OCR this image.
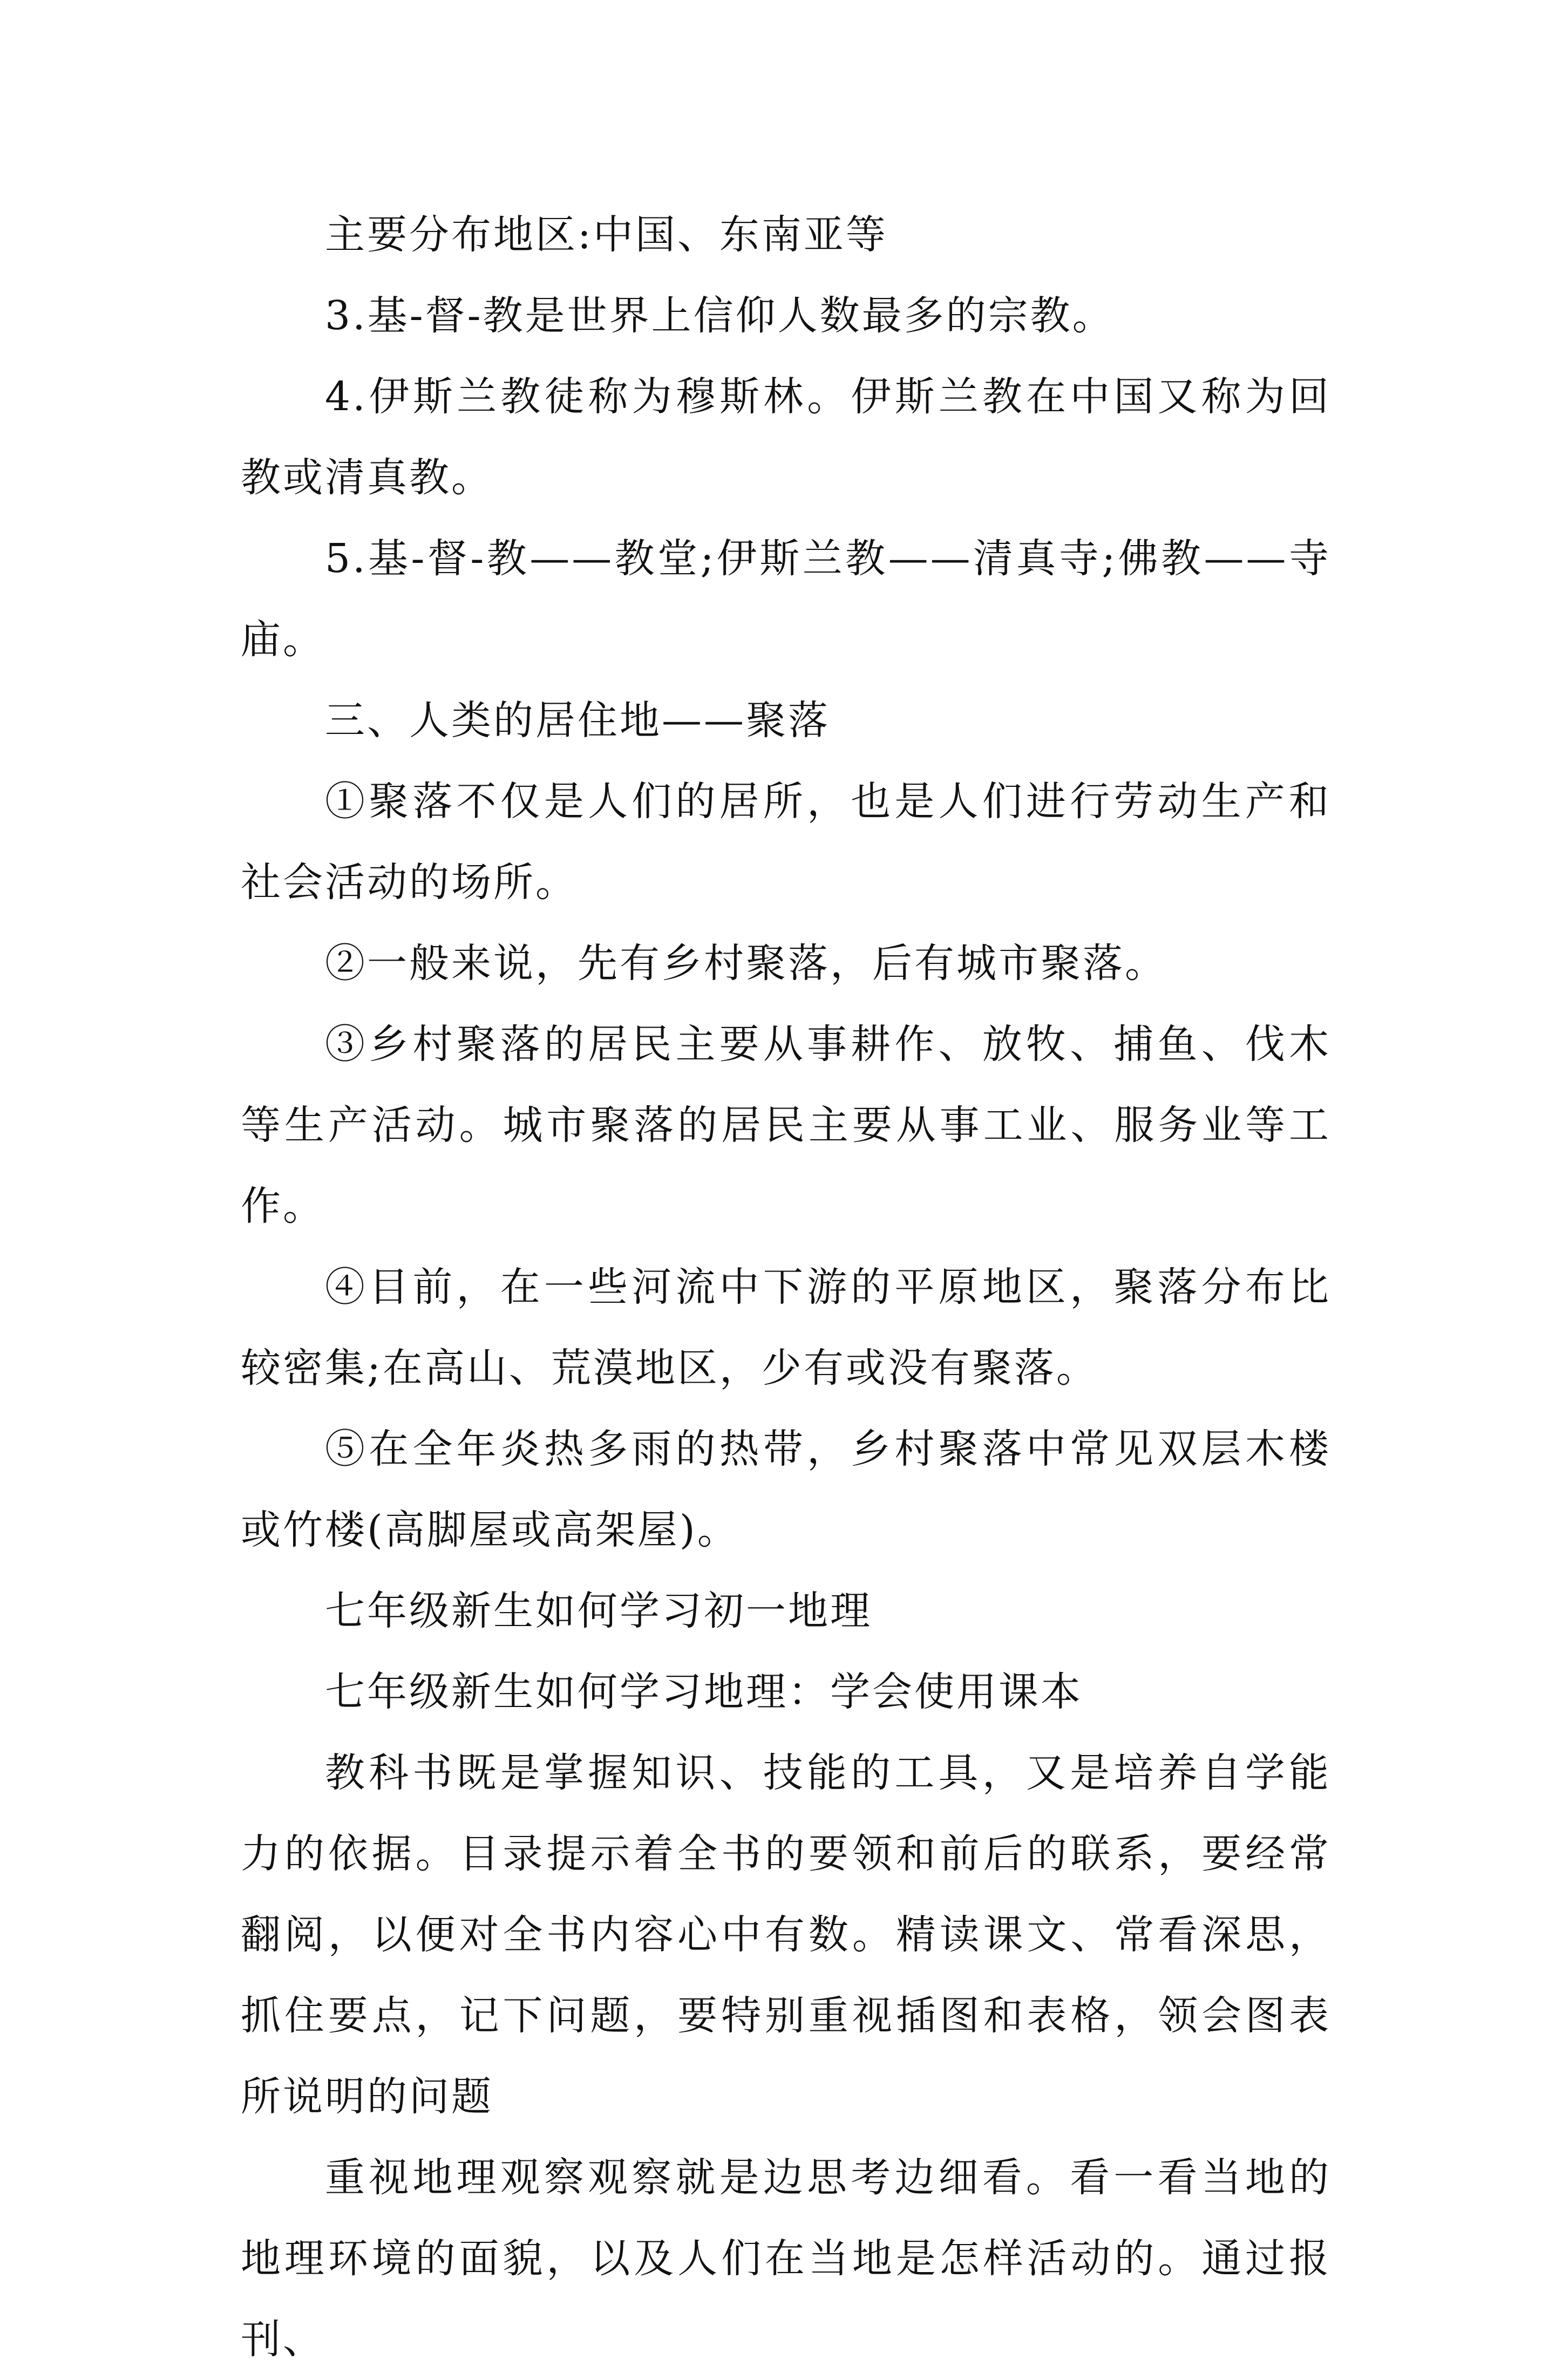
主要分布地区:中国、东南亚等

3.基-督-教是世界上信仰人数最多的宗教。

4.伊斯兰教徒称为穆斯林。伊斯兰教在中国又称为回教或清真教。

5.基-督-教——教堂;伊斯兰教——清真寺;佛教——寺庙。

三、人类的居住地——聚落

①聚落不仅是人们的居所，也是人们进行劳动生产和社会活动的场所。

②一般来说，先有乡村聚落，后有城市聚落。

③乡村聚落的居民主要从事耕作、放牧、捕鱼、伐木等生产活动。城市聚落的居民主要从事工业、服务业等工作。

④目前，在一些河流中下游的平原地区，聚落分布比较密集;在高山、荒漠地区，少有或没有聚落。

⑤在全年炎热多雨的热带，乡村聚落中常见双层木楼或竹楼(高脚屋或高架屋)。

七年级新生如何学习初一地理

七年级新生如何学习地理：学会使用课本

教科书既是掌握知识、技能的工具，又是培养自学能力的依据。目录提示着全书的要领和前后的联系，要经常翻阅，以便对全书内容心中有数。精读课文、常看深思，抓住要点，记下问题，要特别重视插图和表格，领会图表所说明的问题

重视地理观察观察就是边思考边细看。看一看当地的地理环境的面貌，以及人们在当地是怎样活动的。通过报刊、
